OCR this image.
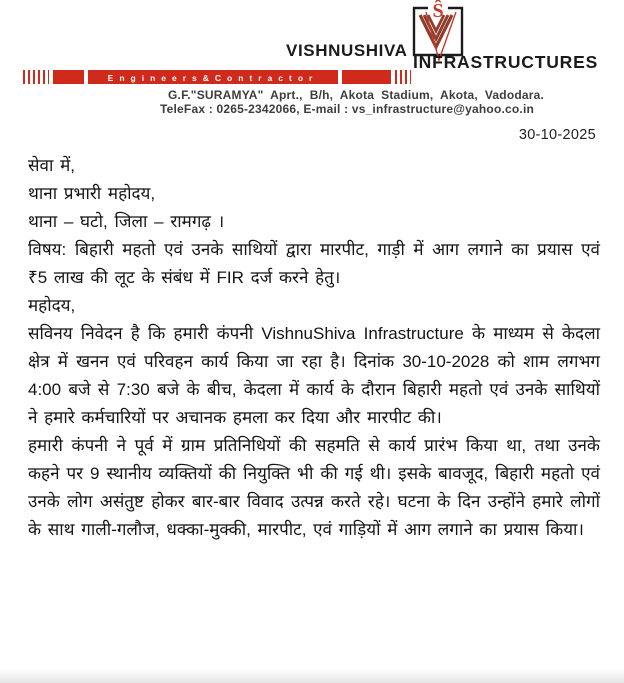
VISHNUSHIVA
Ŝ
INFRASTRUCTURES
Engineers&Contractor
G.F."SURAMYA" Aprt., B/h, Akota Stadium, Akota, Vadodara.
TeleFax : 0265-2342066, E-mail : vs_infrastructure@yahoo.co.in
30-10-2025

सेवा में,

थाना प्रभारी महोदय,

थाना – घटो, जिला – रामगढ़ ।

विषय: बिहारी महतो एवं उनके साथियों द्वारा मारपीट, गाड़ी में आग लगाने का प्रयास एवं ₹5 लाख की लूट के संबंध में FIR दर्ज करने हेतु।

महोदय,

सविनय निवेदन है कि हमारी कंपनी VishnuShiva Infrastructure के माध्यम से केदला क्षेत्र में खनन एवं परिवहन कार्य किया जा रहा है। दिनांक 30-10-2028 को शाम लगभग 4:00 बजे से 7:30 बजे के बीच, केदला में कार्य के दौरान बिहारी महतो एवं उनके साथियों ने हमारे कर्मचारियों पर अचानक हमला कर दिया और मारपीट की।

हमारी कंपनी ने पूर्व में ग्राम प्रतिनिधियों की सहमति से कार्य प्रारंभ किया था, तथा उनके कहने पर 9 स्थानीय व्यक्तियों की नियुक्ति भी की गई थी। इसके बावजूद, बिहारी महतो एवं उनके लोग असंतुष्ट होकर बार-बार विवाद उत्पन्न करते रहे। घटना के दिन उन्होंने हमारे लोगों के साथ गाली-गलौज, धक्का-मुक्की, मारपीट, एवं गाड़ियों में आग लगाने का प्रयास किया।
